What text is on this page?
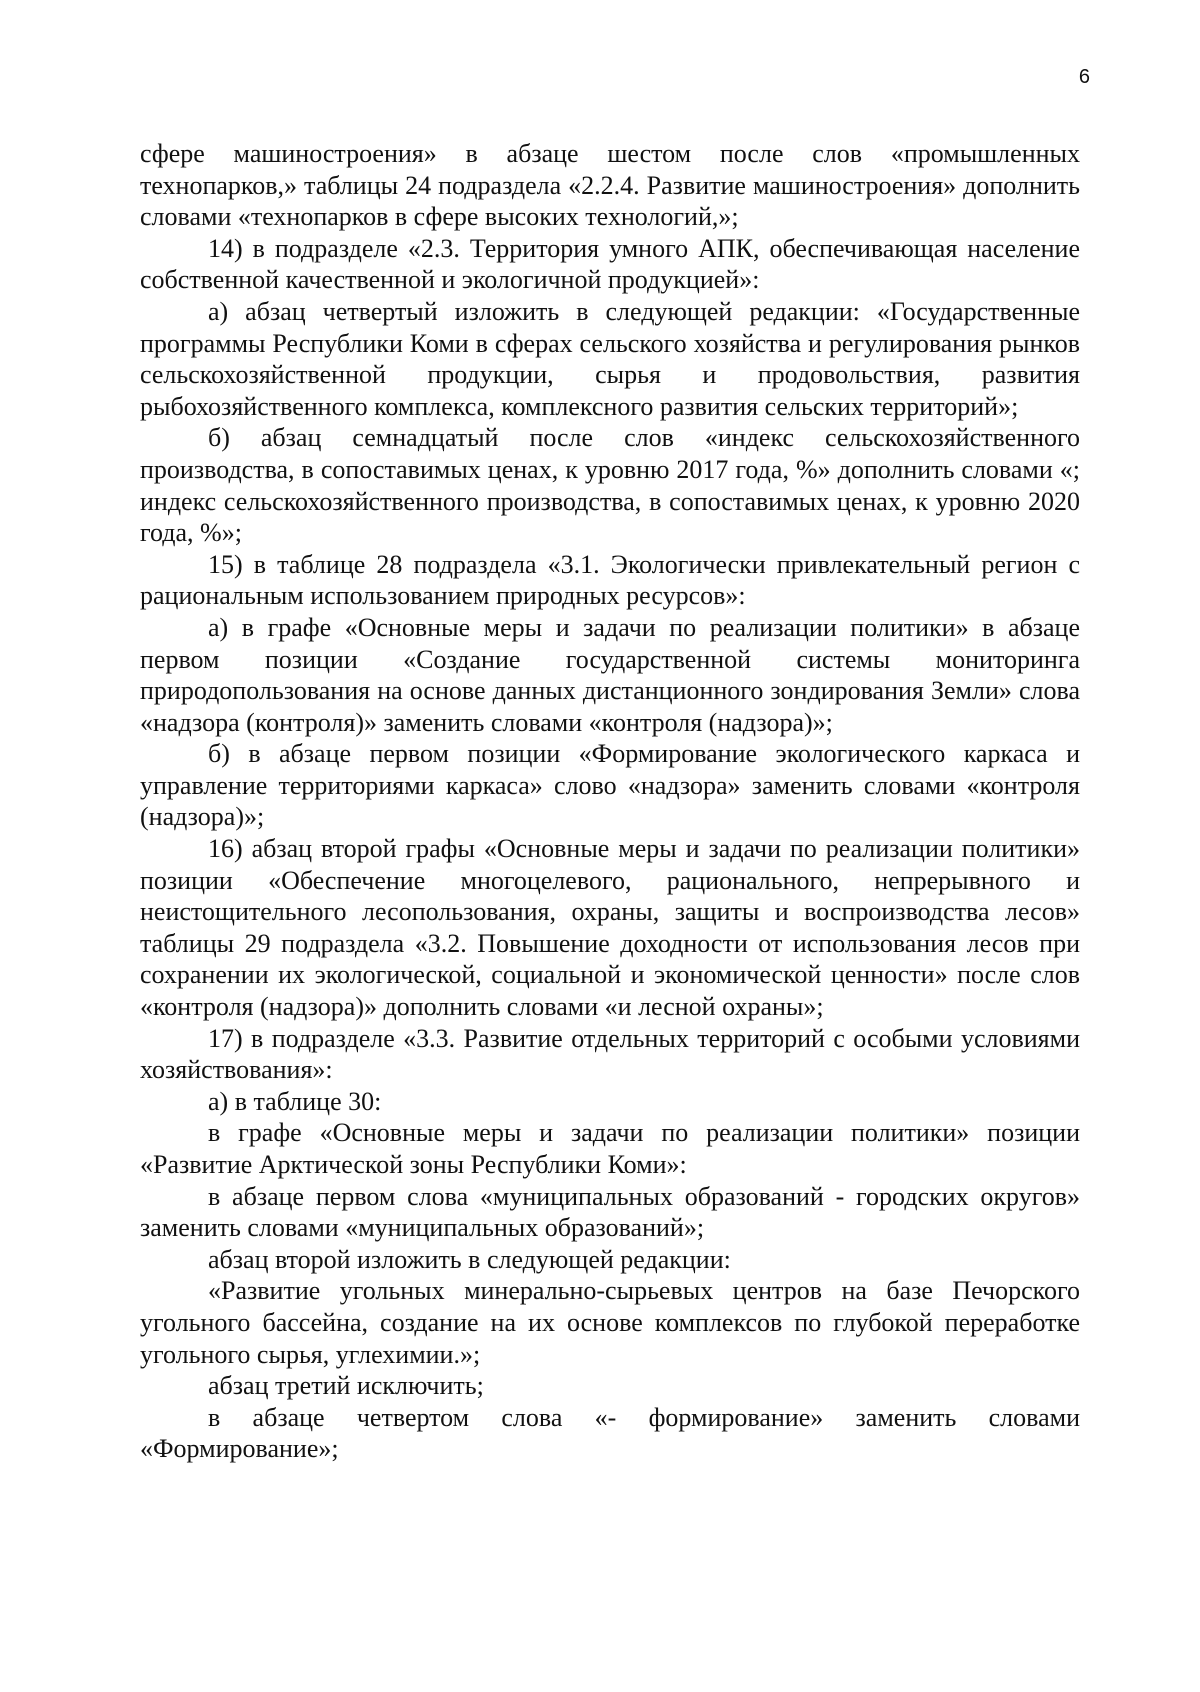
6

сфере машиностроения» в абзаце шестом после слов «промышленных технопарков,» таблицы 24 подраздела «2.2.4. Развитие машиностроения» дополнить словами «технопарков в сфере высоких технологий,»;

14) в подразделе «2.3. Территория умного АПК, обеспечивающая население собственной качественной и экологичной продукцией»:

а) абзац четвертый изложить в следующей редакции: «Государственные программы Республики Коми в сферах сельского хозяйства и регулирования рынков сельскохозяйственной продукции, сырья и продовольствия, развития рыбохозяйственного комплекса, комплексного развития сельских территорий»;

б) абзац семнадцатый после слов «индекс сельскохозяйственного производства, в сопоставимых ценах, к уровню 2017 года, %» дополнить словами «; индекс сельскохозяйственного производства, в сопоставимых ценах, к уровню 2020 года, %»;

15) в таблице 28 подраздела «3.1. Экологически привлекательный регион с рациональным использованием природных ресурсов»:

а) в графе «Основные меры и задачи по реализации политики» в абзаце первом позиции «Создание государственной системы мониторинга природопользования на основе данных дистанционного зондирования Земли» слова «надзора (контроля)» заменить словами «контроля (надзора)»;

б) в абзаце первом позиции «Формирование экологического каркаса и управление территориями каркаса» слово «надзора» заменить словами «контроля (надзора)»;

16) абзац второй графы «Основные меры и задачи по реализации политики» позиции «Обеспечение многоцелевого, рационального, непрерывного и неистощительного лесопользования, охраны, защиты и воспроизводства лесов» таблицы 29 подраздела «3.2. Повышение доходности от использования лесов при сохранении их экологической, социальной и экономической ценности» после слов «контроля (надзора)» дополнить словами «и лесной охраны»;

17) в подразделе «3.3. Развитие отдельных территорий с особыми условиями хозяйствования»:

а) в таблице 30:

в графе «Основные меры и задачи по реализации политики» позиции «Развитие Арктической зоны Республики Коми»:

в абзаце первом слова «муниципальных образований - городских округов» заменить словами «муниципальных образований»;

абзац второй изложить в следующей редакции:

«Развитие угольных минерально-сырьевых центров на базе Печорского угольного бассейна, создание на их основе комплексов по глубокой переработке угольного сырья, углехимии.»;

абзац третий исключить;

в абзаце четвертом слова «- формирование» заменить словами «Формирование»;
